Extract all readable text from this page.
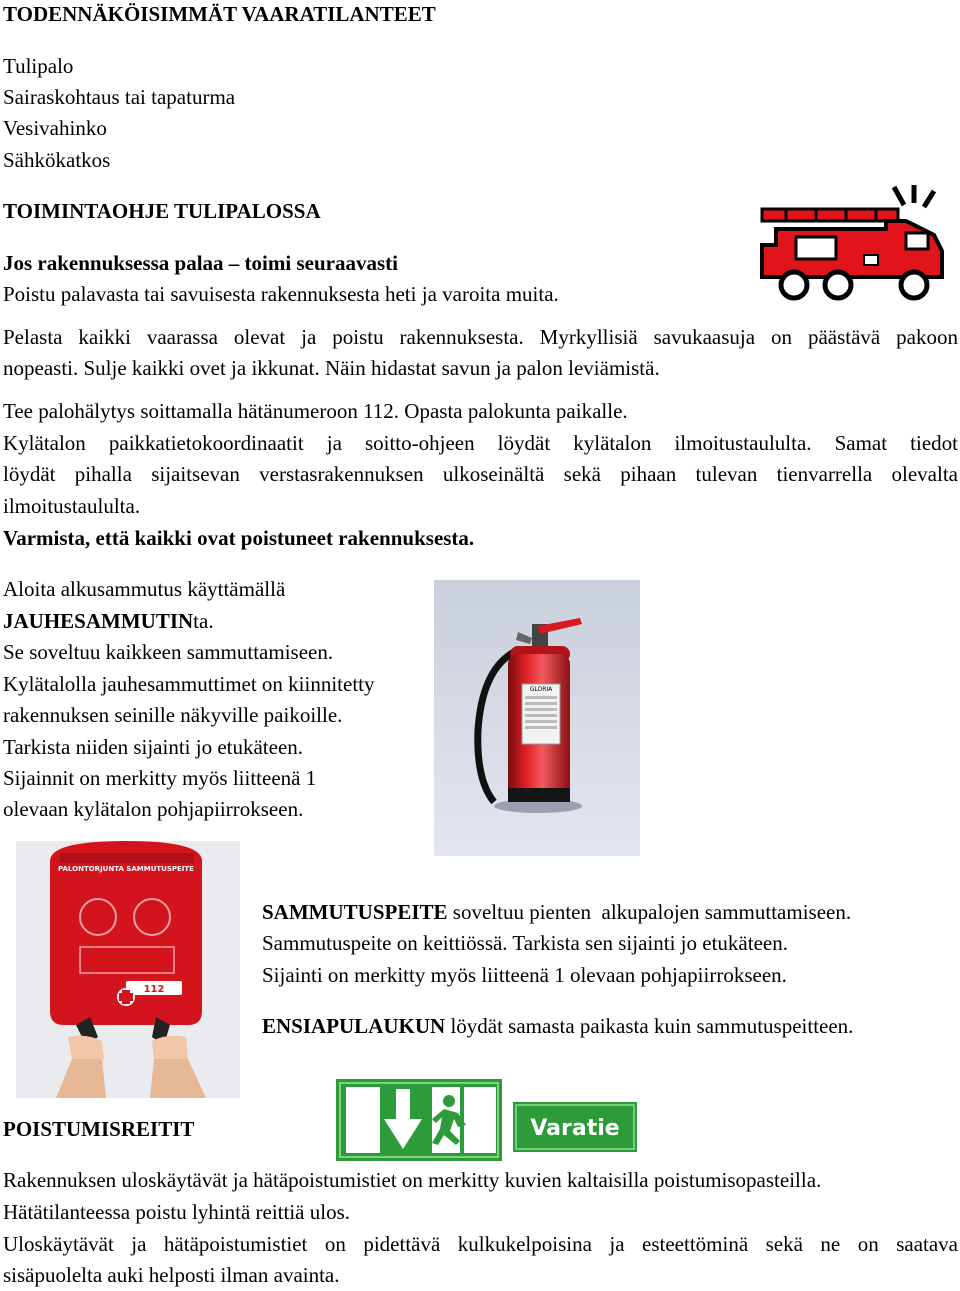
TODENNÄKÖISIMMÄT VAARATILANTEET
Tulipalo
Sairaskohtaus tai tapaturma
Vesivahinko
Sähkökatkos
TOIMINTAOHJE TULIPALOSSA
Jos rakennuksessa palaa – toimi seuraavasti
Poistu palavasta tai savuisesta rakennuksesta heti ja varoita muita.
Pelasta kaikki vaarassa olevat ja poistu rakennuksesta. Myrkyllisiä savukaasuja on päästävä pakoon
nopeasti. Sulje kaikki ovet ja ikkunat. Näin hidastat savun ja palon leviämistä.
Tee palohälytys soittamalla hätänumeroon 112. Opasta palokunta paikalle.
Kylätalon paikkatietokoordinaatit ja soitto-ohjeen löydät kylätalon ilmoitustaululta. Samat tiedot
löydät pihalla sijaitsevan verstasrakennuksen ulkoseinältä sekä pihaan tulevan tienvarrella olevalta
ilmoitustaululta.
Varmista, että kaikki ovat poistuneet rakennuksesta.
Aloita alkusammutus käyttämällä
JAUHESAMMUTINta.
Se soveltuu kaikkeen sammuttamiseen.
Kylätalolla jauhesammuttimet on kiinnitetty
rakennuksen seinille näkyville paikoille.
Tarkista niiden sijainti jo etukäteen.
Sijainnit on merkitty myös liitteenä 1
olevaan kylätalon pohjapiirrokseen.
GLORIA
PALONTORJUNTA SAMMUTUSPEITE
112
SAMMUTUSPEITE soveltuu pienten  alkupalojen sammuttamiseen.
Sammutuspeite on keittiössä. Tarkista sen sijainti jo etukäteen.
Sijainti on merkitty myös liitteenä 1 olevaan pohjapiirrokseen.
ENSIAPULAUKUN löydät samasta paikasta kuin sammutuspeitteen.
POISTUMISREITIT	Varatie
Rakennuksen uloskäytävät ja hätäpoistumistiet on merkitty kuvien kaltaisilla poistumisopasteilla.
Hätätilanteessa poistu lyhintä reittiä ulos.
Uloskäytävät ja hätäpoistumistiet on pidettävä kulkukelpoisina ja esteettöminä sekä ne on saatava
sisäpuolelta auki helposti ilman avainta.
